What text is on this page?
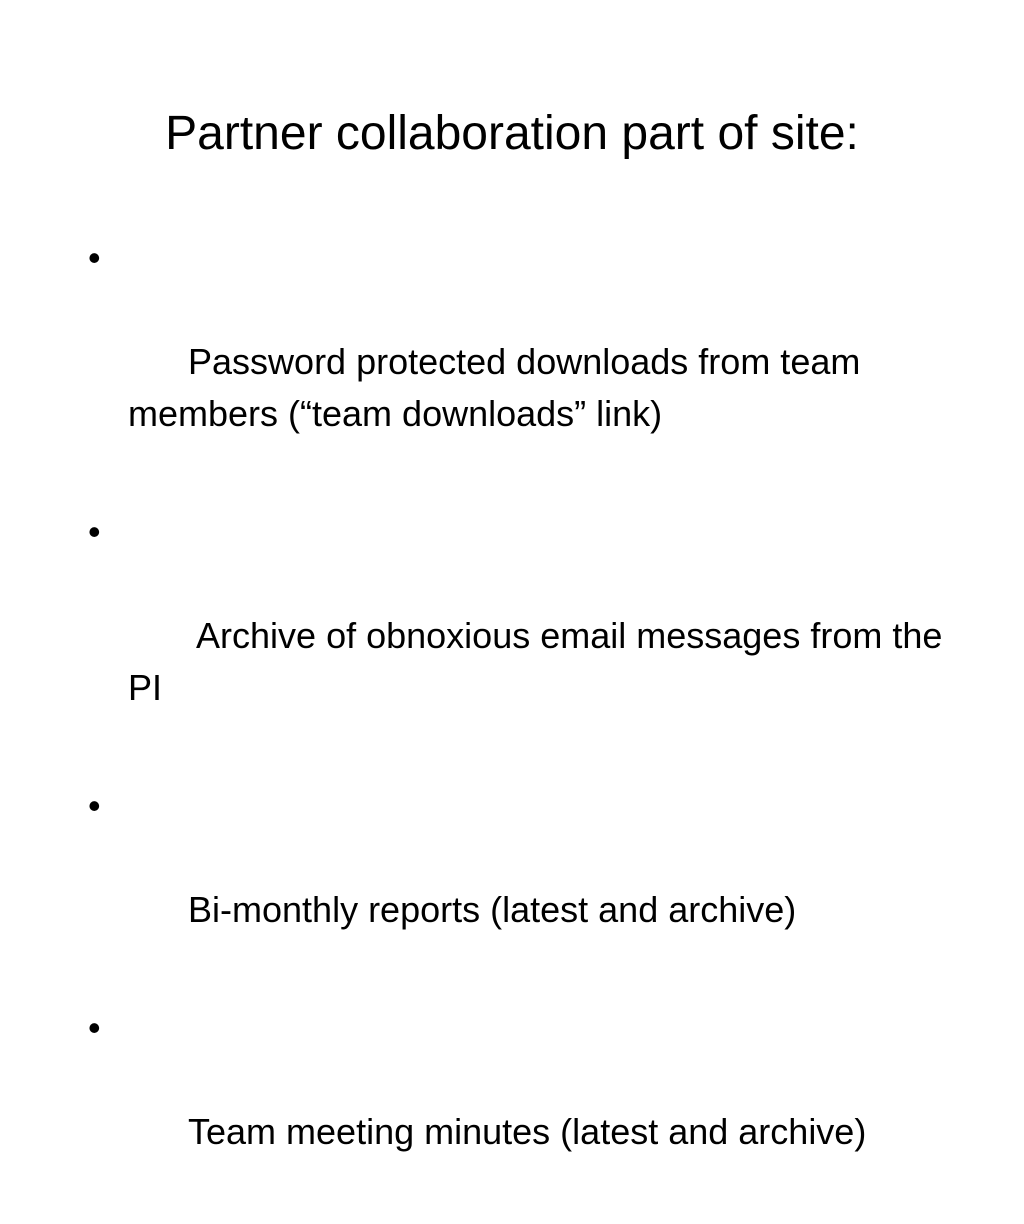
Partner collaboration part of site:

•

Password protected downloads from team members (“team downloads” link)

•

Archive of obnoxious email messages from the PI

•

Bi-monthly reports (latest and archive)

•

Team meeting minutes (latest and archive)
